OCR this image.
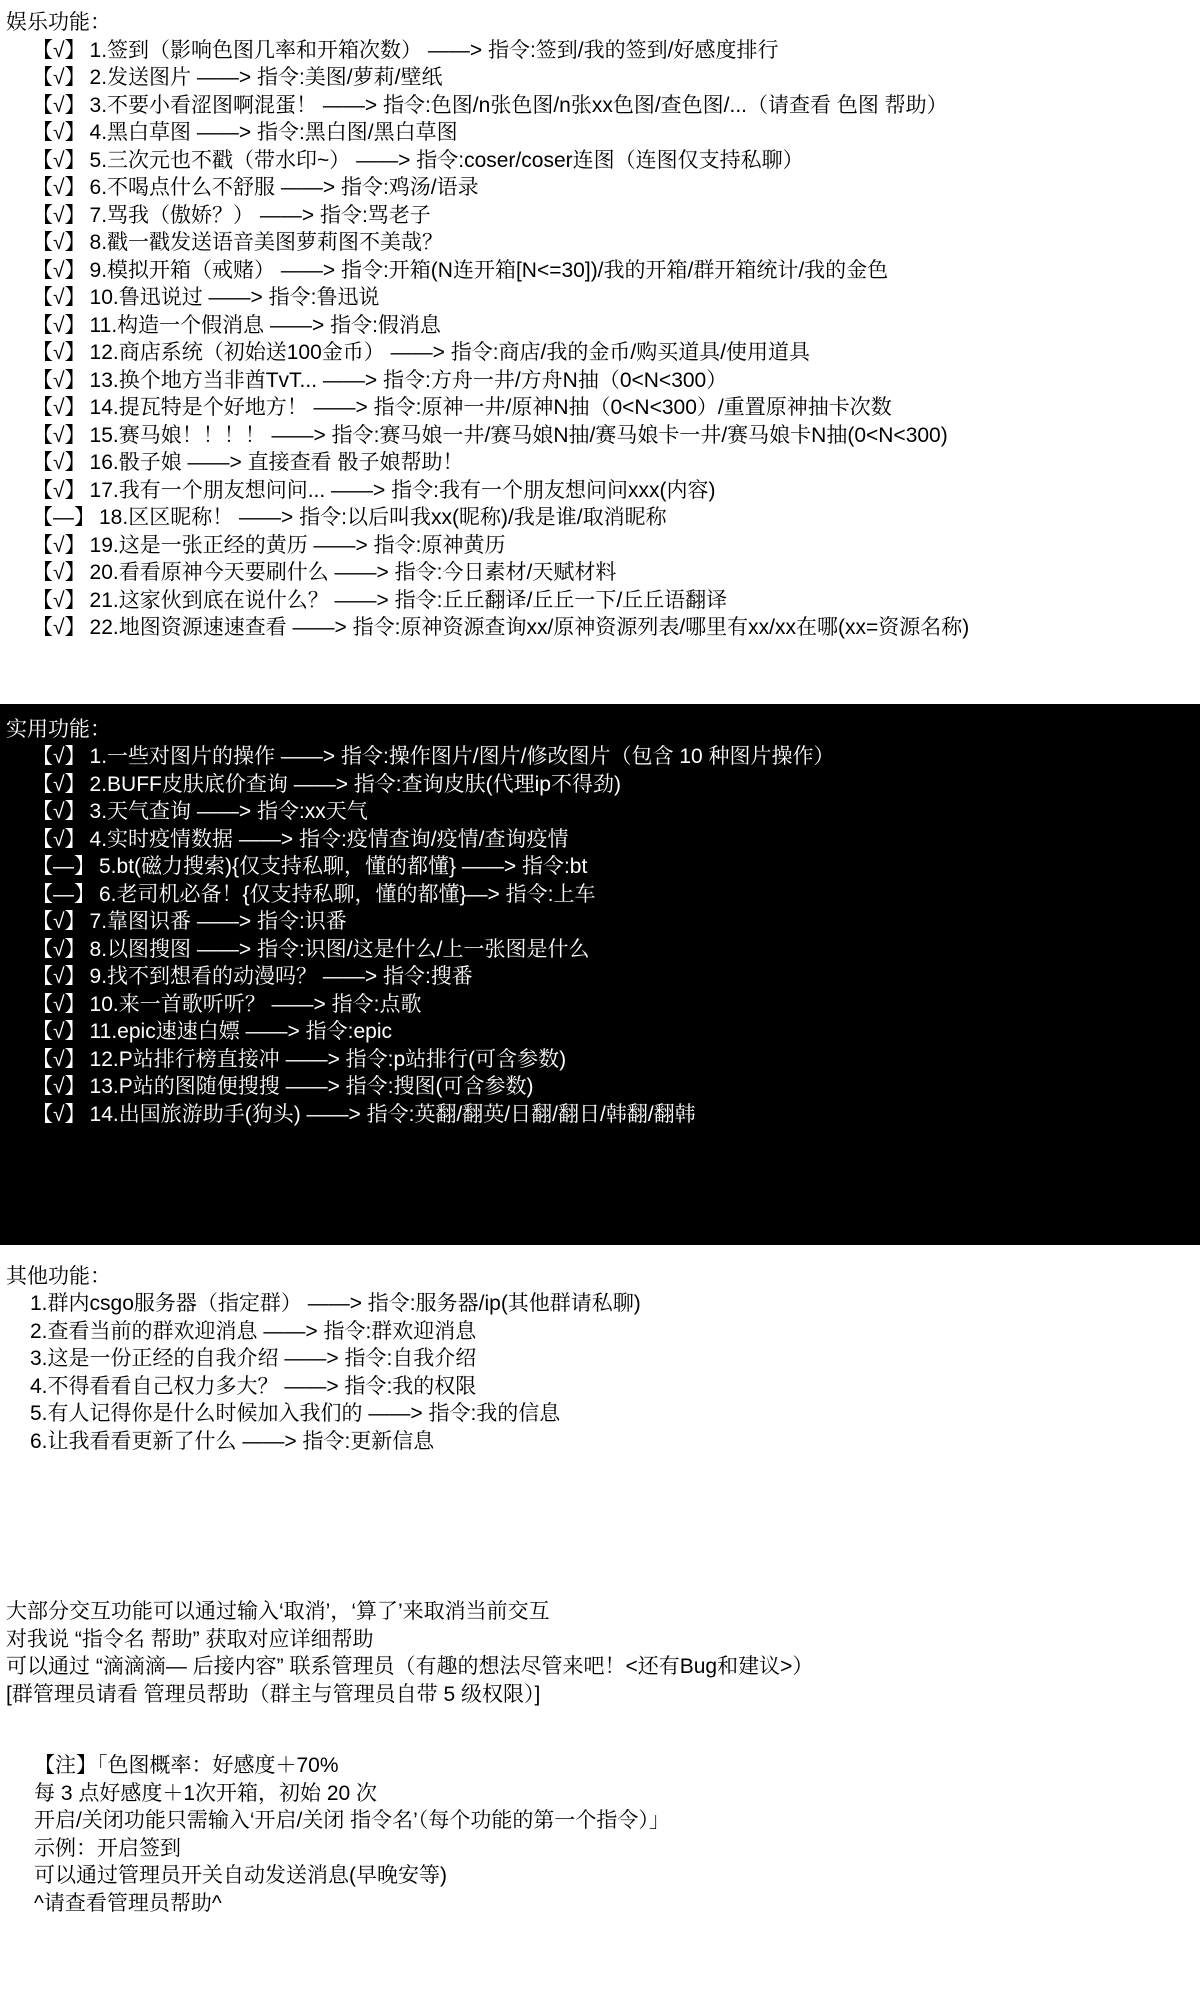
娱乐功能：
【√】 1.签到（影响色图几率和开箱次数） ——> 指令:签到/我的签到/好感度排行
【√】 2.发送图片 ——> 指令:美图/萝莉/壁纸
【√】 3.不要小看涩图啊混蛋！ ——> 指令:色图/n张色图/n张xx色图/查色图/...（请查看 色图 帮助）
【√】 4.黑白草图 ——> 指令:黑白图/黑白草图
【√】 5.三次元也不戳（带水印~） ——> 指令:coser/coser连图（连图仅支持私聊）
【√】 6.不喝点什么不舒服 ——> 指令:鸡汤/语录
【√】 7.骂我（傲娇？） ——> 指令:骂老子
【√】 8.戳一戳发送语音美图萝莉图不美哉？
【√】 9.模拟开箱（戒赌） ——> 指令:开箱(N连开箱[N<=30])/我的开箱/群开箱统计/我的金色
【√】 10.鲁迅说过 ——> 指令:鲁迅说
【√】 11.构造一个假消息 ——> 指令:假消息
【√】 12.商店系统（初始送100金币） ——> 指令:商店/我的金币/购买道具/使用道具
【√】 13.换个地方当非酋TvT... ——> 指令:方舟一井/方舟N抽（0<N<300）
【√】 14.提瓦特是个好地方！ ——> 指令:原神一井/原神N抽（0<N<300）/重置原神抽卡次数
【√】 15.赛马娘！！！！ ——> 指令:赛马娘一井/赛马娘N抽/赛马娘卡一井/赛马娘卡N抽(0<N<300)
【√】 16.骰子娘 ——> 直接查看 骰子娘帮助！
【√】 17.我有一个朋友想问问... ——> 指令:我有一个朋友想问问xxx(内容)
【—】 18.区区昵称！ ——> 指令:以后叫我xx(昵称)/我是谁/取消昵称
【√】 19.这是一张正经的黄历 ——> 指令:原神黄历
【√】 20.看看原神今天要刷什么 ——> 指令:今日素材/天赋材料
【√】 21.这家伙到底在说什么？ ——> 指令:丘丘翻译/丘丘一下/丘丘语翻译
【√】 22.地图资源速速查看 ——> 指令:原神资源查询xx/原神资源列表/哪里有xx/xx在哪(xx=资源名称)
实用功能：
【√】 1.一些对图片的操作 ——> 指令:操作图片/图片/修改图片（包含 10 种图片操作）
【√】 2.BUFF皮肤底价查询 ——> 指令:查询皮肤(代理ip不得劲)
【√】 3.天气查询 ——> 指令:xx天气
【√】 4.实时疫情数据 ——> 指令:疫情查询/疫情/查询疫情
【—】 5.bt(磁力搜索){仅支持私聊，懂的都懂} ——> 指令:bt
【—】 6.老司机必备！{仅支持私聊，懂的都懂}—> 指令:上车
【√】 7.靠图识番 ——> 指令:识番
【√】 8.以图搜图 ——> 指令:识图/这是什么/上一张图是什么
【√】 9.找不到想看的动漫吗？ ——> 指令:搜番
【√】 10.来一首歌听听？ ——> 指令:点歌
【√】 11.epic速速白嫖 ——> 指令:epic
【√】 12.P站排行榜直接冲 ——> 指令:p站排行(可含参数)
【√】 13.P站的图随便搜搜 ——> 指令:搜图(可含参数)
【√】 14.出国旅游助手(狗头) ——> 指令:英翻/翻英/日翻/翻日/韩翻/翻韩
其他功能：
1.群内csgo服务器（指定群） ——> 指令:服务器/ip(其他群请私聊)
2.查看当前的群欢迎消息 ——> 指令:群欢迎消息
3.这是一份正经的自我介绍 ——> 指令:自我介绍
4.不得看看自己权力多大？ ——> 指令:我的权限
5.有人记得你是什么时候加入我们的 ——> 指令:我的信息
6.让我看看更新了什么 ——> 指令:更新信息
大部分交互功能可以通过输入‘取消’，‘算了’来取消当前交互
对我说 “指令名 帮助” 获取对应详细帮助
可以通过 “滴滴滴— 后接内容” 联系管理员（有趣的想法尽管来吧！<还有Bug和建议>）
[群管理员请看 管理员帮助（群主与管理员自带 5 级权限）]
【注】「色图概率：好感度＋70%
每 3 点好感度＋1次开箱，初始 20 次
开启/关闭功能只需输入‘开启/关闭 指令名’（每个功能的第一个指令）」
示例：开启签到
可以通过管理员开关自动发送消息(早晚安等)
^请查看管理员帮助^
